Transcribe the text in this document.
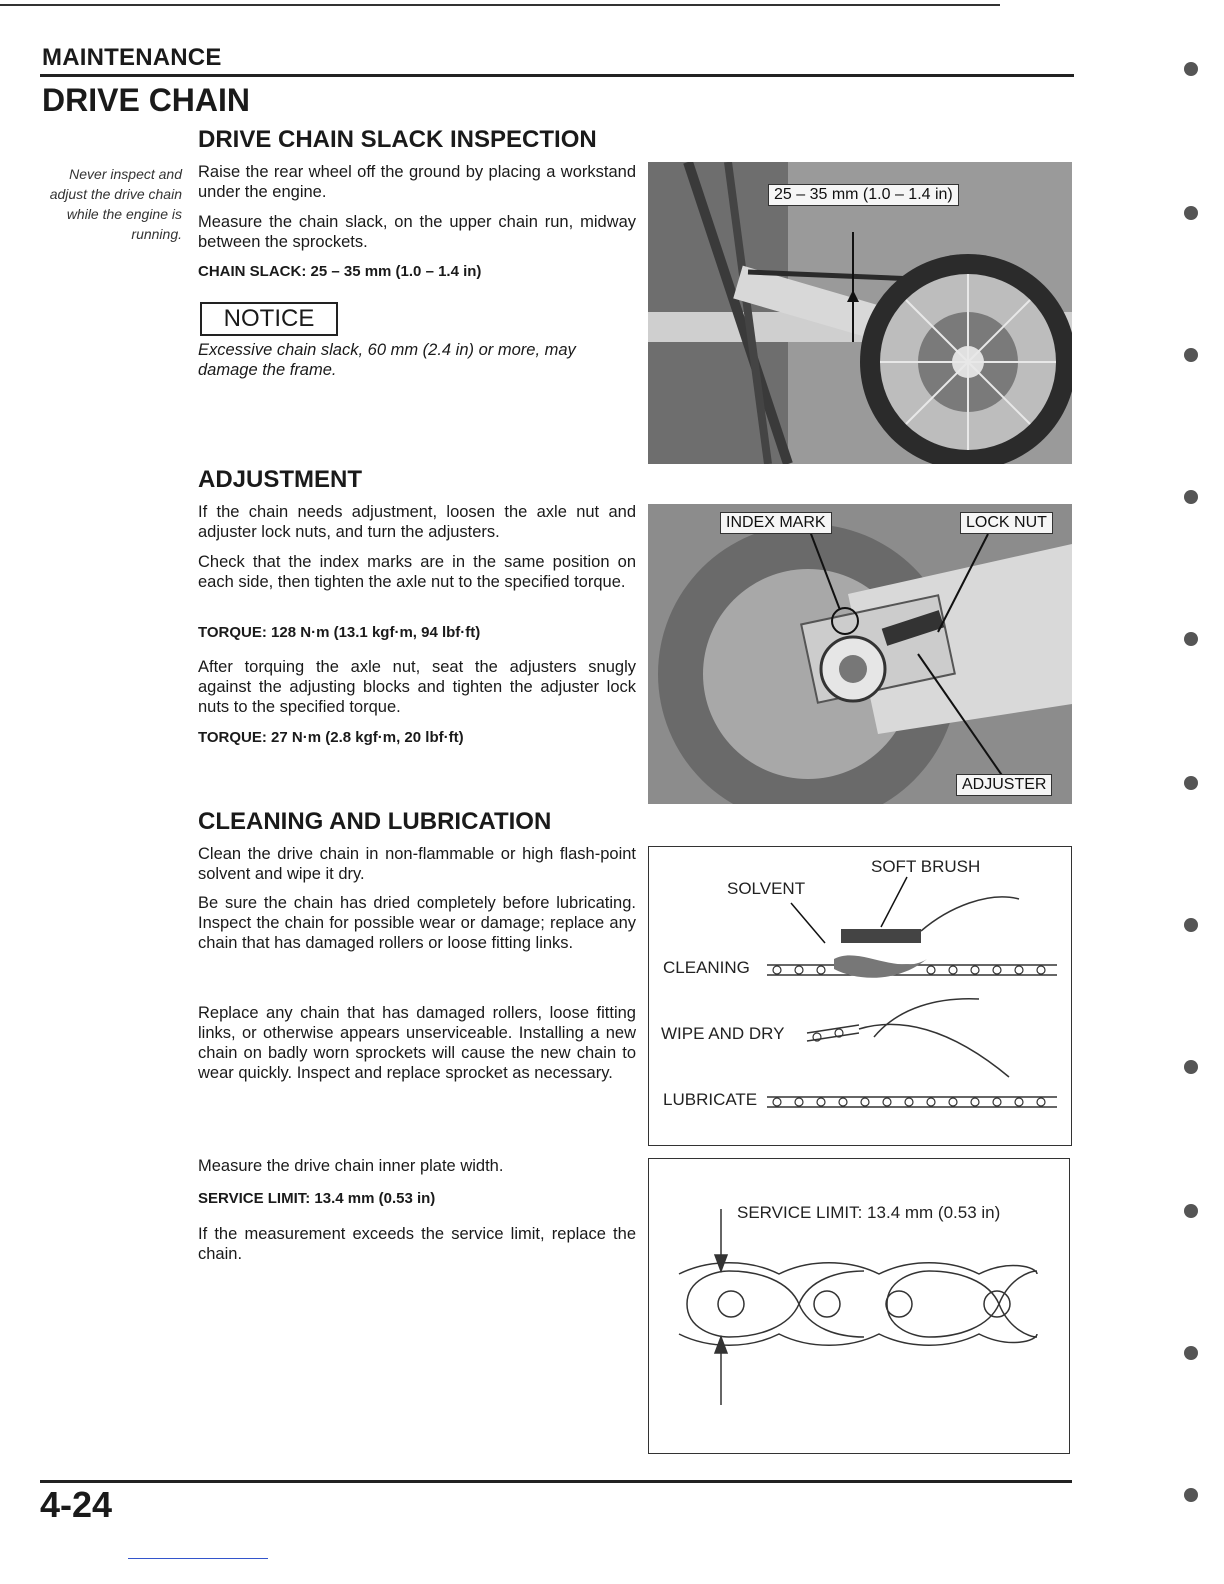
MAINTENANCE
DRIVE CHAIN
DRIVE CHAIN SLACK INSPECTION
Never inspect and adjust the drive chain while the engine is running.
Raise the rear wheel off the ground by placing a workstand under the engine.
Measure the chain slack, on the upper chain run, midway between the sprockets.
CHAIN SLACK: 25 – 35 mm (1.0 – 1.4 in)
NOTICE
Excessive chain slack, 60 mm (2.4 in) or more, may damage the frame.
25 – 35 mm (1.0 – 1.4 in)
ADJUSTMENT
If the chain needs adjustment, loosen the axle nut and adjuster lock nuts, and turn the adjusters.
Check that the index marks are in the same position on each side, then tighten the axle nut to the specified torque.
TORQUE: 128 N·m (13.1 kgf·m, 94 lbf·ft)
After torquing the axle nut, seat the adjusters snugly against the adjusting blocks and tighten the adjuster lock nuts to the specified torque.
TORQUE: 27 N·m (2.8 kgf·m, 20 lbf·ft)
INDEX MARK	LOCK NUT
ADJUSTER
CLEANING AND LUBRICATION
Clean the drive chain in non-flammable or high flash-point solvent and wipe it dry.
Be sure the chain has dried completely before lubricating. Inspect the chain for possible wear or damage; replace any chain that has damaged rollers or loose fitting links.
Replace any chain that has damaged rollers, loose fitting links, or otherwise appears unserviceable. Installing a new chain on badly worn sprockets will cause the new chain to wear quickly. Inspect and replace sprocket as necessary.
SOFT BRUSH
SOLVENT
CLEANING
WIPE AND DRY
LUBRICATE
Measure the drive chain inner plate width.
SERVICE LIMIT: 13.4 mm (0.53 in)
If the measurement exceeds the service limit, replace the chain.
SERVICE LIMIT: 13.4 mm (0.53 in)
4-24
